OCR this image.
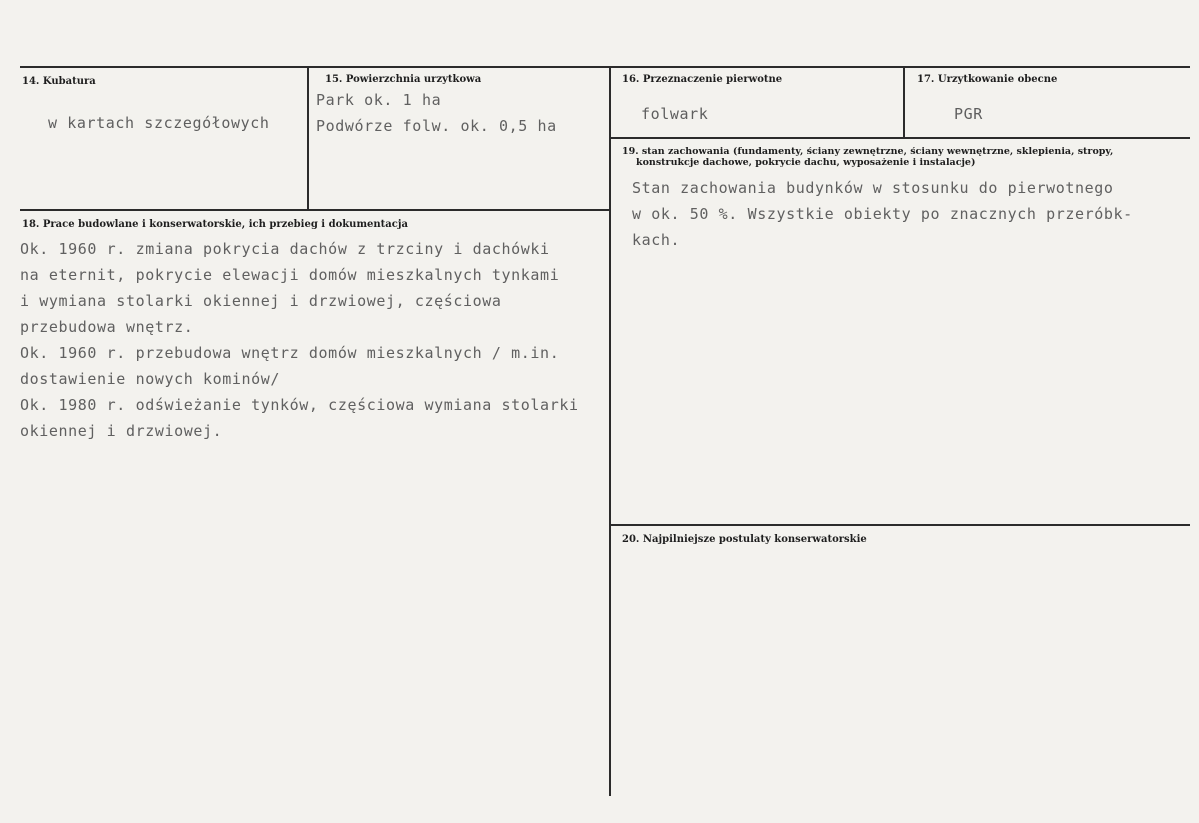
14. Kubatura
w kartach szczegółowych
15. Powierzchnia urzytkowa
Park ok. 1 ha
Podwórze folw. ok. 0,5 ha
16. Przeznaczenie pierwotne
folwark
17. Urzytkowanie obecne
PGR
18. Prace budowlane i konserwatorskie, ich przebieg i dokumentacja
Ok. 1960 r. zmiana pokrycia dachów z trzciny i dachówki
na eternit, pokrycie elewacji domów mieszkalnych tynkami
i wymiana stolarki okiennej i drzwiowej, częściowa
przebudowa wnętrz.
Ok. 1960 r. przebudowa wnętrz domów mieszkalnych / m.in.
dostawienie nowych kominów/
Ok. 1980 r. odświeżanie tynków, częściowa wymiana stolarki
okiennej i drzwiowej.
19. stan zachowania (fundamenty, ściany zewnętrzne, ściany wewnętrzne, sklepienia, stropy,
konstrukcje dachowe, pokrycie dachu, wyposażenie i instalacje)
Stan zachowania budynków w stosunku do pierwotnego
w ok. 50 %. Wszystkie obiekty po znacznych przeróbk-
kach.
20. Najpilniejsze postulaty konserwatorskie
